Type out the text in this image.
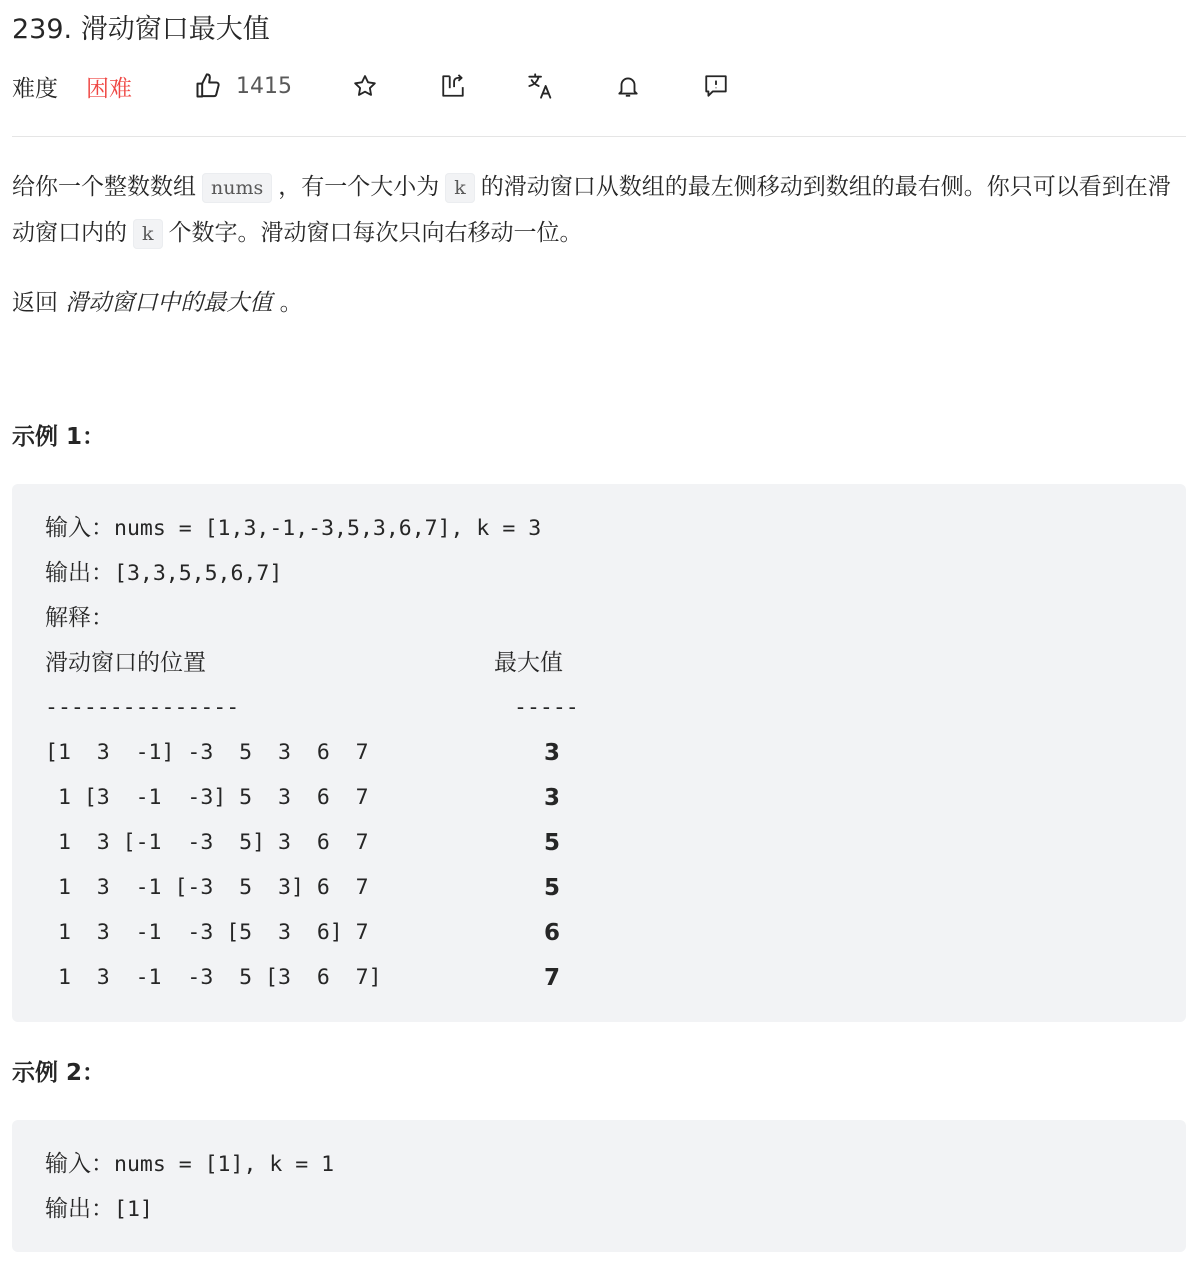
239. 滑动窗口最大值
难度 困难	1415
给你一个整数数组 nums ，有一个大小为 k 的滑动窗口从数组的最左侧移动到数组的最右侧。你只可以看到在滑动窗口内的 k 个数字。滑动窗口每次只向右移动一位。
返回 滑动窗口中的最大值 。
示例 1：
输入：nums = [1,3,-1,-3,5,3,6,7], k = 3
输出：[3,3,5,5,6,7]
解释：
滑动窗口的位置	最大值
---------------	-----
[1  3  -1] -3  5  3  6  7	3
1 [3  -1  -3] 5  3  6  7	3
1  3 [-1  -3  5] 3  6  7	5
1  3  -1 [-3  5  3] 6  7	5
1  3  -1  -3 [5  3  6] 7	6
1  3  -1  -3  5 [3  6  7]	7
示例 2：
输入：nums = [1], k = 1
输出：[1]
